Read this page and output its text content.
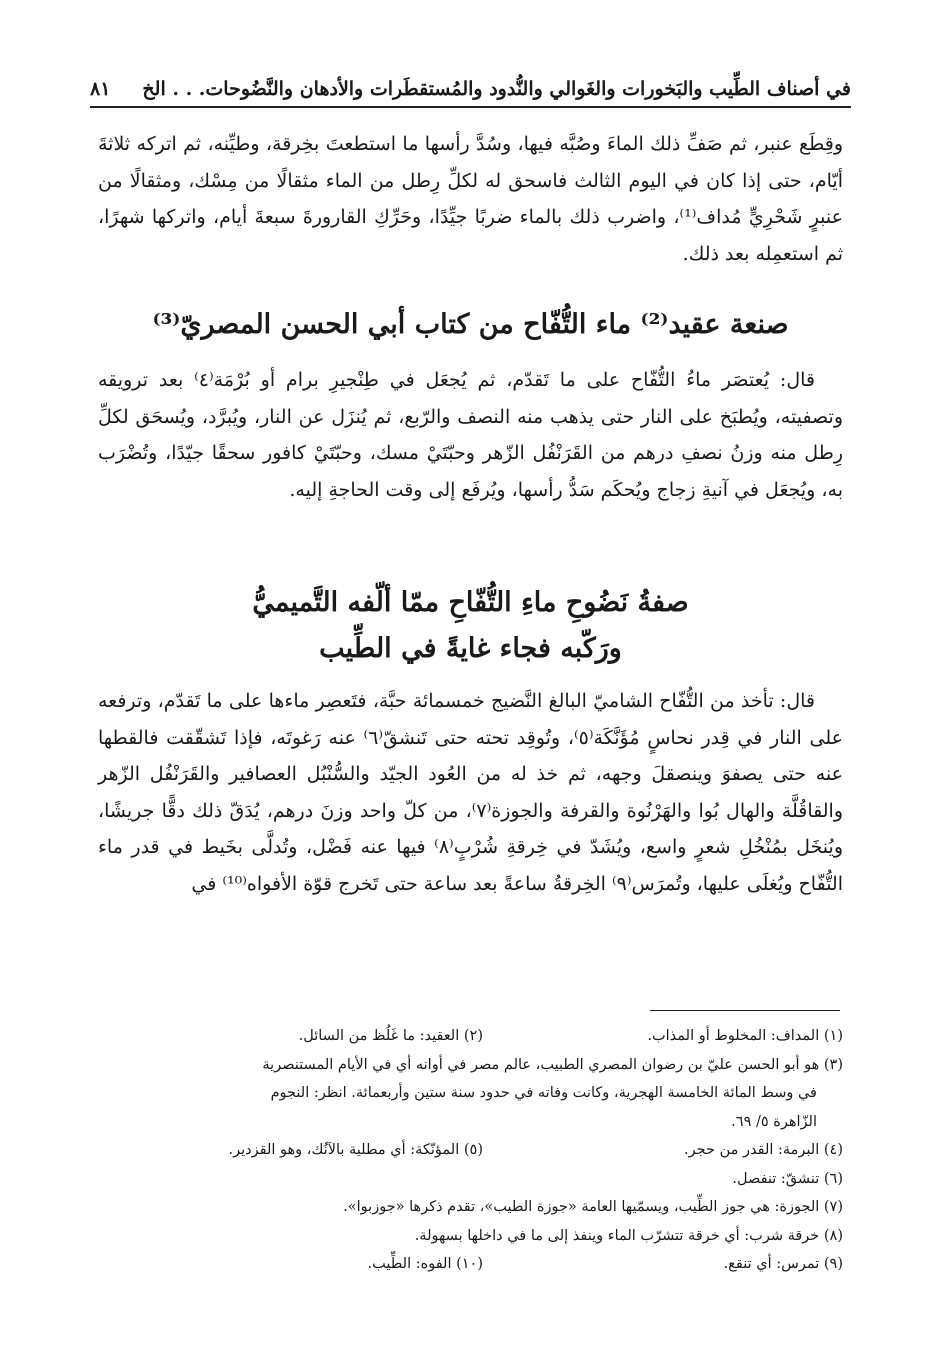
في أصناف الطِّيب والبَخورات والغَوالي والنُّدود والمُستقطَرات والأدهان والنَّضُوحات. . . الخ
٨١

وقِطَع عنبر، ثم صَفِّ ذلك الماءَ وصُبَّه فيها، وسُدَّ رأسها ما استطعتَ بخِرقة، وطيِّنه، ثم اتركه ثلاثةَ أيّام، حتى إذا كان في اليوم الثالث فاسحق له لكلِّ رِطل من الماء مثقالًا من مِسْك، ومثقالًا من عنبرٍ شَحْرِيٍّ مُداف⁽¹⁾، واضرب ذلك بالماء ضربًا جيِّدًا، وحَرِّكِ القارورةَ سبعةَ أيام، واتركها شهرًا، ثم استعمِله بعد ذلك.

صنعة عقيد⁽²⁾ ماء التُّفّاح من كتاب أبي الحسن المصريّ⁽³⁾

قال: يُعتصَر ماءُ التُّفّاح على ما تَقدّم، ثم يُجعَل في طِنْجيرِ برام أو بُرْمَة⁽٤⁾ بعد ترويقه وتصفيته، ويُطبَخ على النار حتى يذهب منه النصف والرّبع، ثم يُنزَل عن النار، ويُبرَّد، ويُسحَق لكلِّ رِطل منه وزنُ نصفِ درهم من القَرَنْفُل الزّهر وحبّتَيْ مسك، وحبّتَيْ كافور سحقًا جيّدًا، وتُضْرَب به، ويُجعَل في آنيةِ زجاج ويُحكَم سَدُّ رأسها، ويُرفَع إلى وقت الحاجةِ إليه.

صفةُ نَضُوحِ ماءِ التُّفّاحِ ممّا ألّفه التَّميميُّ
ورَكّبه فجاء غايةً في الطِّيب

قال: تأخذ من التُّفّاح الشاميّ البالغ النَّضيج خمسمائة حبَّة، فتَعصِر ماءها على ما تَقدّم، وترفعه على النار في قِدر نحاسٍ مُؤَنَّكَة⁽٥⁾، وتُوقِد تحته حتى تَنشقّ⁽٦⁾ عنه رَغوتَه، فإذا تَشقّقت فالقطها عنه حتى يصفوَ وينصقلَ وجهه، ثم خذ له من العُود الجيّد والسُّنْبُل العصافير والقَرَنْفُل الزّهر والقاقُلَّة والهال بُوا والهَرْنُوة والقرفة والجوزة⁽٧⁾، من كلّ واحد وزنَ درهم، يُدَقّ ذلك دقًّا جريشًا، ويُنخَل بمُنْخُلِ شعرٍ واسع، ويُشَدّ في خِرقةِ شُرْبٍ⁽٨⁾ فيها عنه فَضْل، وتُدلَّى بخَيط في قدر ماء التُّفّاح ويُغلَى عليها، وتُمرَس⁽٩⁾ الخِرقةُ ساعةً بعد ساعة حتى تَخرج قوّة الأفواه⁽¹⁰⁾ في

(١) المداف: المخلوط أو المذاب.
(٢) العقيد: ما غَلُظ من السائل.
(٣) هو أبو الحسن عليّ بن رضوان المصري الطبيب، عالم مصر في أوانه أي في الأيام المستنصرية
في وسط المائة الخامسة الهجرية، وكانت وفاته في حدود سنة ستين وأربعمائة. انظر: النجوم
الزّاهرة ٥/ ٦٩.
(٤) البرمة: القدر من حجر.
(٥) المؤنّكة: أي مطلية بالآنُك، وهو القزدير.
(٦) تنشقّ: تنفصل.
(٧) الجوزة: هي جوز الطِّيب، ويسمّيها العامة «جوزة الطيب»، تقدم ذكرها «جوزبوا».
(٨) خرقة شرب: أي خرقة تتشرّب الماء وينفذ إلى ما في داخلها بسهولة.
(٩) تمرس: أي تنقع.
(١٠) الفوه: الطِّيب.
